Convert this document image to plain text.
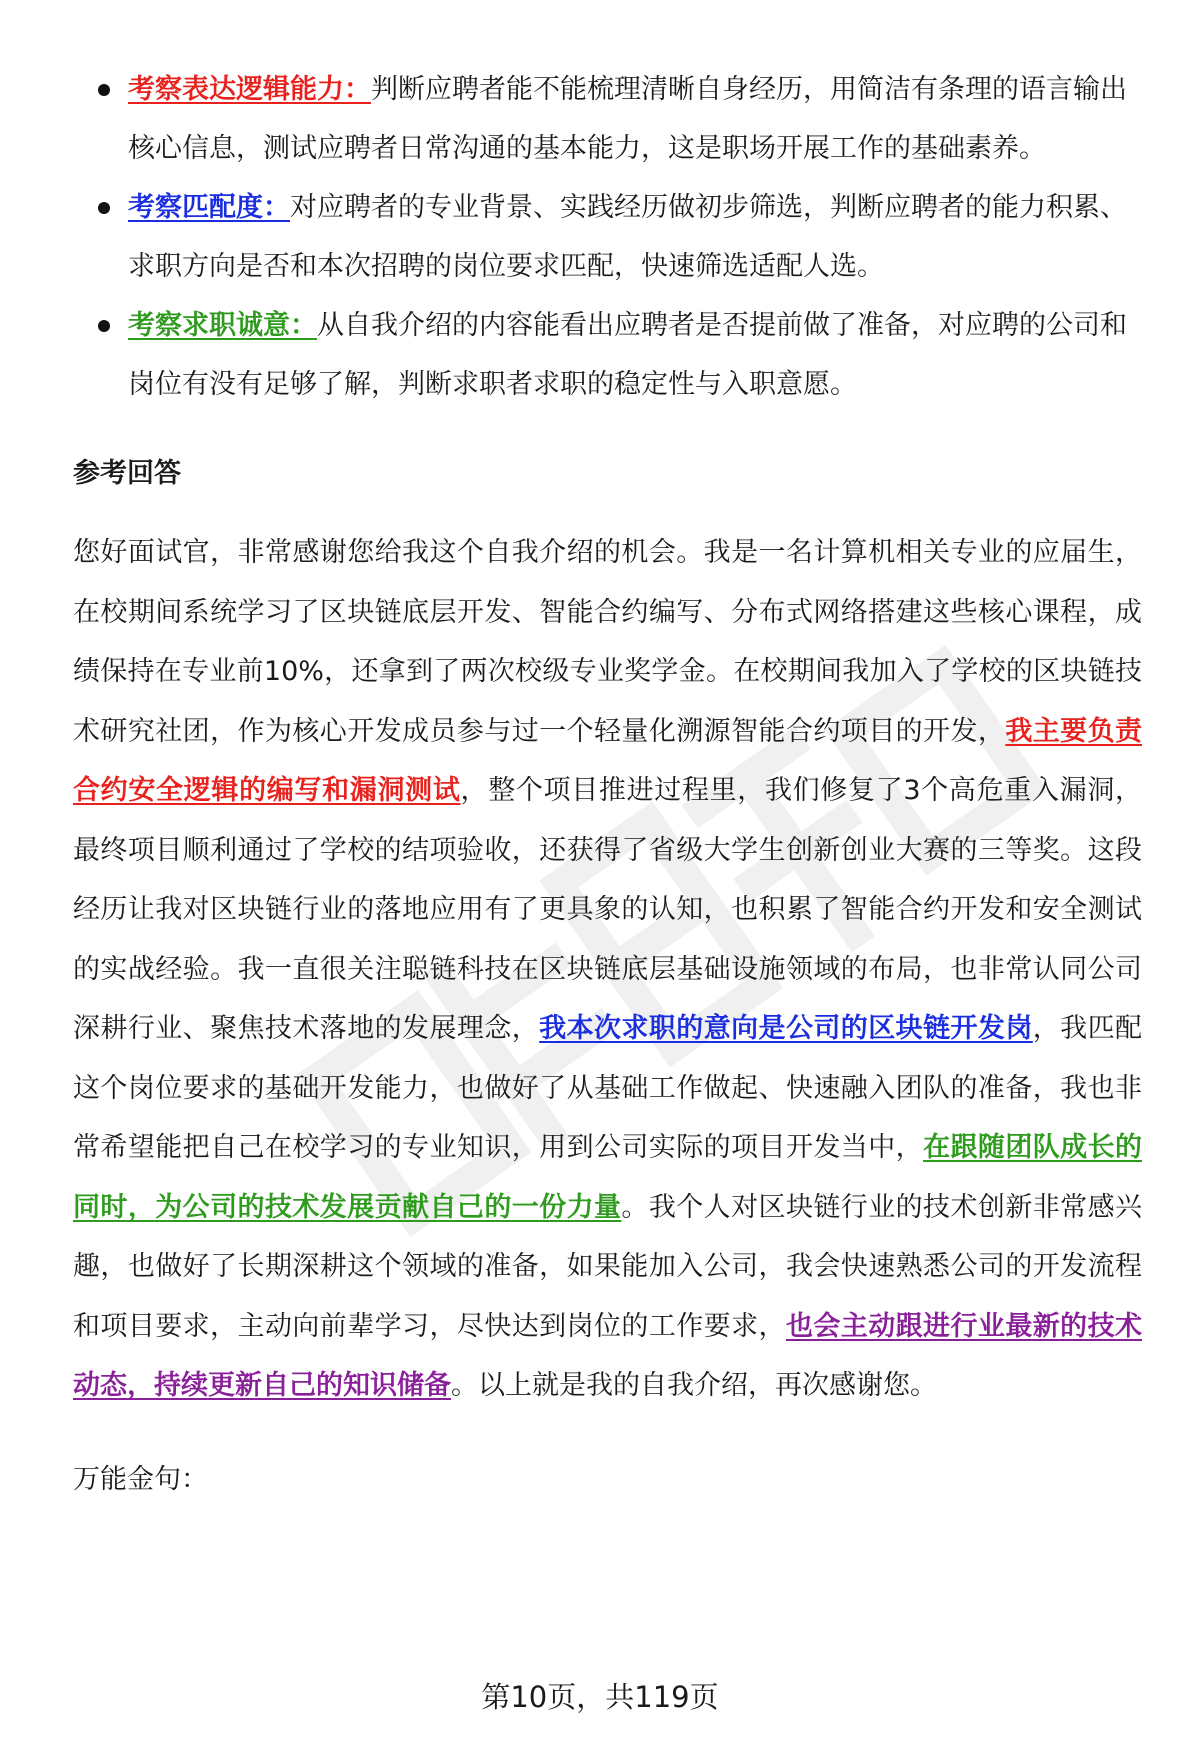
考察表达逻辑能力：判断应聘者能不能梳理清晰自身经历，用简洁有条理的语言输出核心信息，测试应聘者日常沟通的基本能力，这是职场开展工作的基础素养。
考察匹配度：对应聘者的专业背景、实践经历做初步筛选，判断应聘者的能力积累、求职方向是否和本次招聘的岗位要求匹配，快速筛选适配人选。
考察求职诚意：从自我介绍的内容能看出应聘者是否提前做了准备，对应聘的公司和岗位有没有足够了解，判断求职者求职的稳定性与入职意愿。
参考回答

您好面试官，非常感谢您给我这个自我介绍的机会。我是一名计算机相关专业的应届生，在校期间系统学习了区块链底层开发、智能合约编写、分布式网络搭建这些核心课程，成绩保持在专业前10%，还拿到了两次校级专业奖学金。在校期间我加入了学校的区块链技术研究社团，作为核心开发成员参与过一个轻量化溯源智能合约项目的开发，我主要负责合约安全逻辑的编写和漏洞测试，整个项目推进过程里，我们修复了3个高危重入漏洞，最终项目顺利通过了学校的结项验收，还获得了省级大学生创新创业大赛的三等奖。这段经历让我对区块链行业的落地应用有了更具象的认知，也积累了智能合约开发和安全测试的实战经验。我一直很关注聪链科技在区块链底层基础设施领域的布局，也非常认同公司深耕行业、聚焦技术落地的发展理念，我本次求职的意向是公司的区块链开发岗，我匹配这个岗位要求的基础开发能力，也做好了从基础工作做起、快速融入团队的准备，我也非常希望能把自己在校学习的专业知识，用到公司实际的项目开发当中，在跟随团队成长的同时，为公司的技术发展贡献自己的一份力量。我个人对区块链行业的技术创新非常感兴趣，也做好了长期深耕这个领域的准备，如果能加入公司，我会快速熟悉公司的开发流程和项目要求，主动向前辈学习，尽快达到岗位的工作要求，也会主动跟进行业最新的技术动态，持续更新自己的知识储备。以上就是我的自我介绍，再次感谢您。

万能金句：
第10页，共119页
